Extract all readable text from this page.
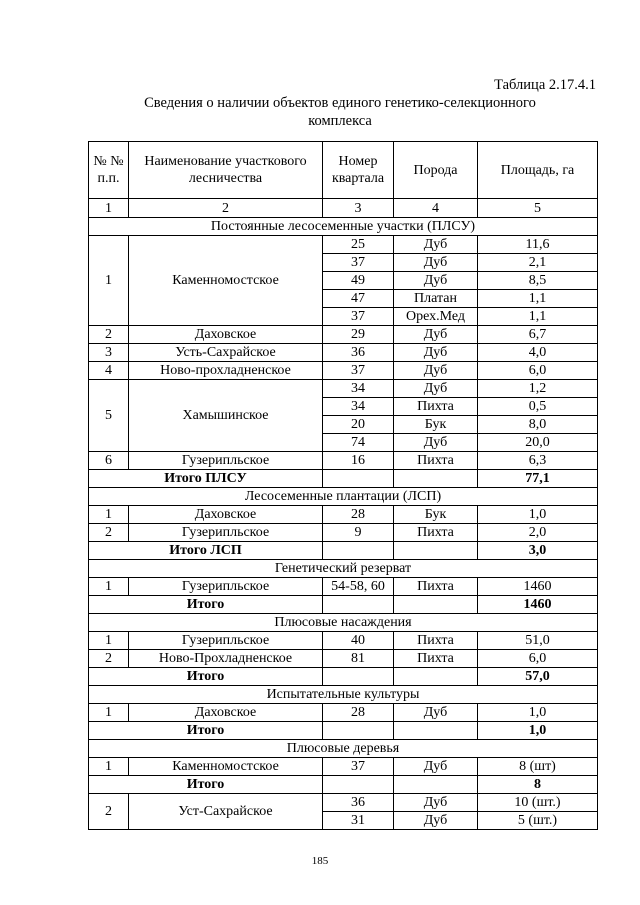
Таблица 2.17.4.1
Сведения о наличии объектов единого генетико-селекционного комплекса
№ № п.п.	Наименование участкового лесничества	Номер квартала	Порода	Площадь, га
1	2	3	4	5
Постоянные лесосеменные участки (ПЛСУ)				
1	Каменномостское	25	Дуб	11,6
		37	Дуб	2,1
		49	Дуб	8,5
		47	Платан	1,1
		37	Орех.Мед	1,1
2	Даховское	29	Дуб	6,7
3	Усть-Сахрайское	36	Дуб	4,0
4	Ново-прохладненское	37	Дуб	6,0
5	Хамышинское	34	Дуб	1,2
		34	Пихта	0,5
		20	Бук	8,0
		74	Дуб	20,0
6	Гузерипльское	16	Пихта	6,3
Итого ПЛСУ				77,1
Лесосеменные плантации (ЛСП)				
1	Даховское	28	Бук	1,0
2	Гузерипльское	9	Пихта	2,0
Итого ЛСП				3,0
Генетический резерват				
1	Гузерипльское	54-58, 60	Пихта	1460
Итого				1460
Плюсовые насаждения				
1	Гузерипльское	40	Пихта	51,0
2	Ново-Прохладненское	81	Пихта	6,0
Итого				57,0
Испытательные культуры				
1	Даховское	28	Дуб	1,0
Итого				1,0
Плюсовые деревья				
1	Каменномостское	37	Дуб	8 (шт)
Итого				8
2	Уст-Сахрайское	36	Дуб	10 (шт.)
		31	Дуб	5 (шт.)
185
